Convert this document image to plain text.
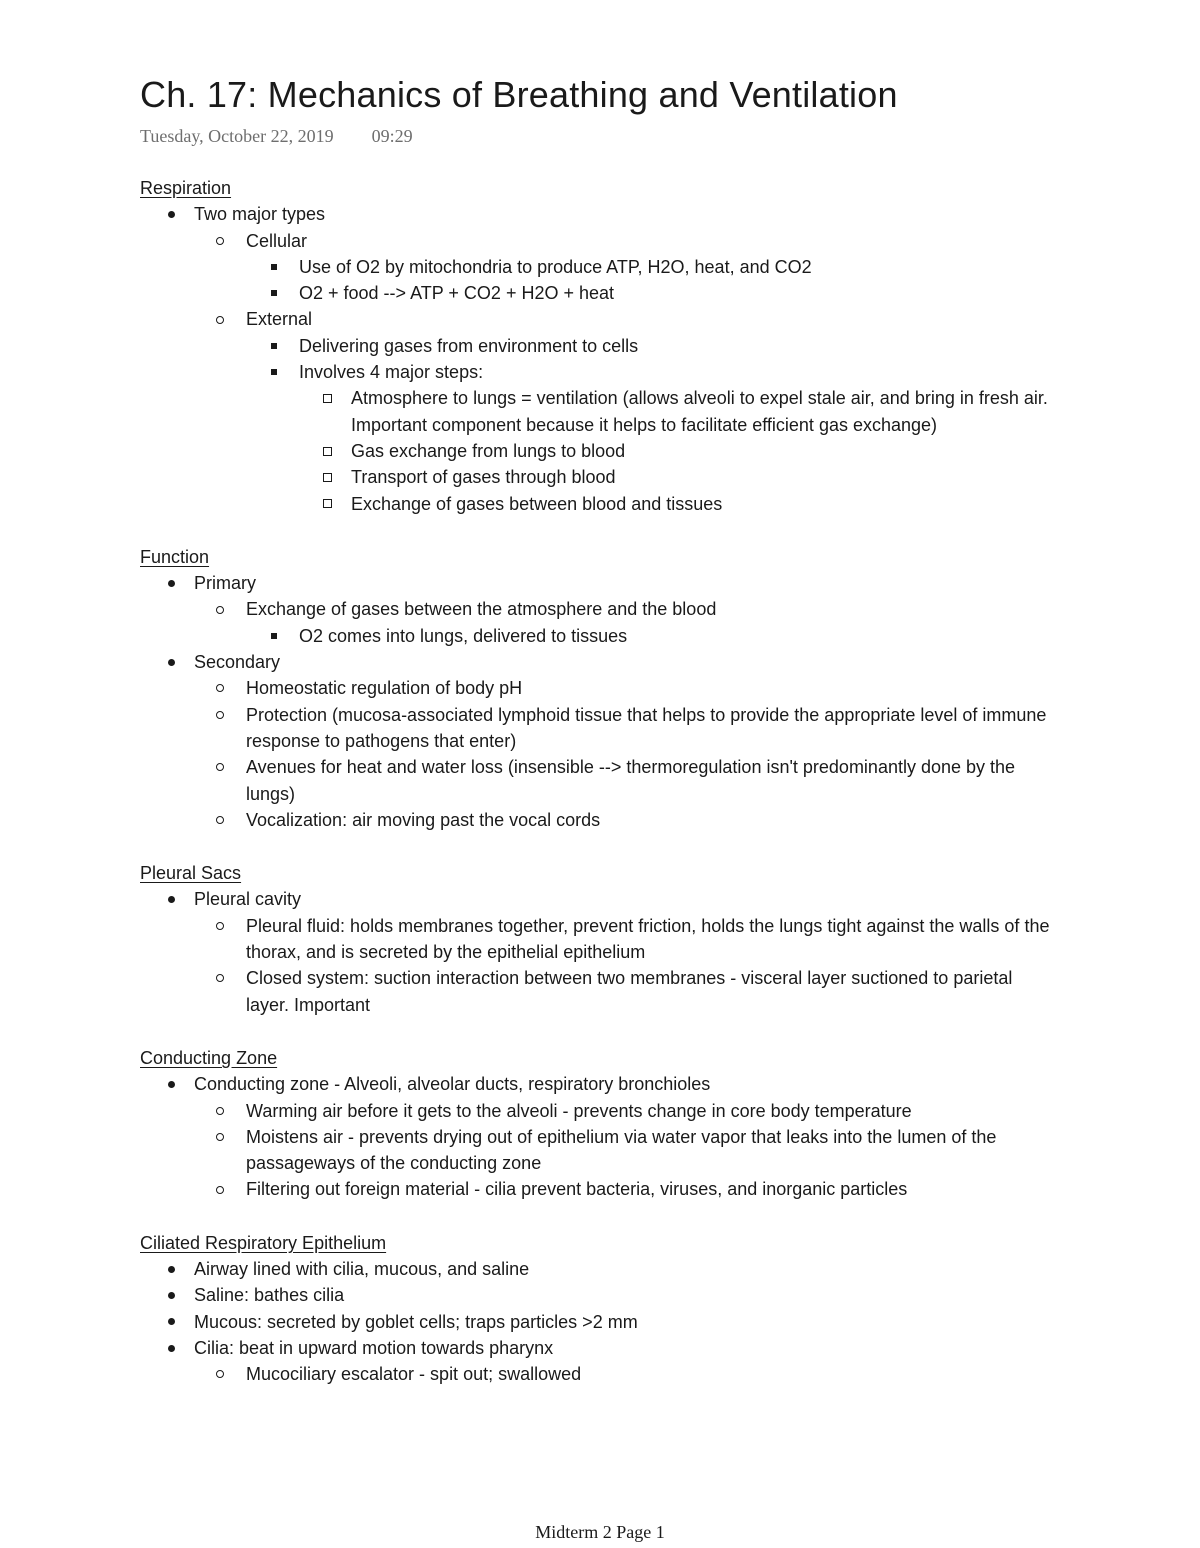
Ch. 17: Mechanics of Breathing and Ventilation
Tuesday, October 22, 2019 09:29
Respiration
Two major types
Cellular
Use of O2 by mitochondria to produce ATP, H2O, heat, and CO2
O2 + food --> ATP + CO2 + H2O + heat
External
Delivering gases from environment to cells
Involves 4 major steps:
Atmosphere to lungs = ventilation (allows alveoli to expel stale air, and bring in fresh air. Important component because it helps to facilitate efficient gas exchange)
Gas exchange from lungs to blood
Transport of gases through blood
Exchange of gases between blood and tissues
Function
Primary
Exchange of gases between the atmosphere and the blood
O2 comes into lungs, delivered to tissues
Secondary
Homeostatic regulation of body pH
Protection (mucosa-associated lymphoid tissue that helps to provide the appropriate level of immune response to pathogens that enter)
Avenues for heat and water loss (insensible --> thermoregulation isn't predominantly done by the lungs)
Vocalization: air moving past the vocal cords
Pleural Sacs
Pleural cavity
Pleural fluid: holds membranes together, prevent friction, holds the lungs tight against the walls of the thorax, and is secreted by the epithelial epithelium
Closed system: suction interaction between two membranes - visceral layer suctioned to parietal layer. Important
Conducting Zone
Conducting zone - Alveoli, alveolar ducts, respiratory bronchioles
Warming air before it gets to the alveoli - prevents change in core body temperature
Moistens air - prevents drying out of epithelium via water vapor that leaks into the lumen of the passageways of the conducting zone
Filtering out foreign material - cilia prevent bacteria, viruses, and inorganic particles
Ciliated Respiratory Epithelium
Airway lined with cilia, mucous, and saline
Saline: bathes cilia
Mucous: secreted by goblet cells; traps particles >2 mm
Cilia: beat in upward motion towards pharynx
Mucociliary escalator - spit out; swallowed
Midterm 2 Page 1
